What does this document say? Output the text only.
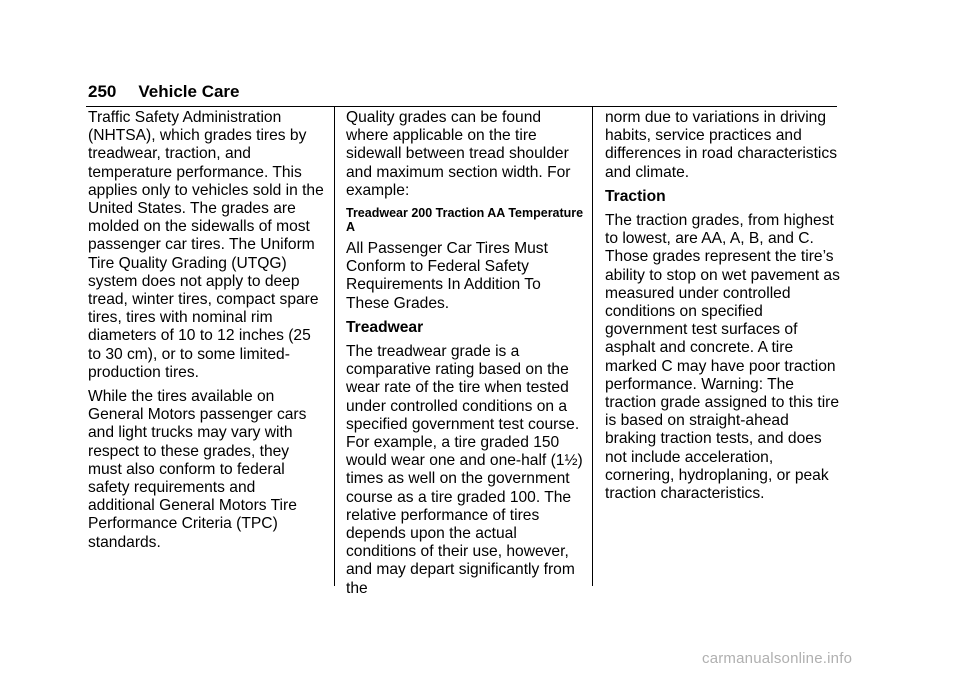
250 Vehicle Care

Traffic Safety Administration (NHTSA), which grades tires by treadwear, traction, and temperature performance. This applies only to vehicles sold in the United States. The grades are molded on the sidewalls of most passenger car tires. The Uniform Tire Quality Grading (UTQG) system does not apply to deep tread, winter tires, compact spare tires, tires with nominal rim diameters of 10 to 12 inches (25 to 30 cm), or to some limited-production tires.

While the tires available on General Motors passenger cars and light trucks may vary with respect to these grades, they must also conform to federal safety requirements and additional General Motors Tire Performance Criteria (TPC) standards.

Quality grades can be found where applicable on the tire sidewall between tread shoulder and maximum section width. For example:

Treadwear 200 Traction AA Temperature A

All Passenger Car Tires Must Conform to Federal Safety Requirements In Addition To These Grades.

Treadwear

The treadwear grade is a comparative rating based on the wear rate of the tire when tested under controlled conditions on a specified government test course. For example, a tire graded 150 would wear one and one-half (1½) times as well on the government course as a tire graded 100. The relative performance of tires depends upon the actual conditions of their use, however, and may depart significantly from the

norm due to variations in driving habits, service practices and differences in road characteristics and climate.

Traction

The traction grades, from highest to lowest, are AA, A, B, and C. Those grades represent the tire’s ability to stop on wet pavement as measured under controlled conditions on specified government test surfaces of asphalt and concrete. A tire marked C may have poor traction performance. Warning: The traction grade assigned to this tire is based on straight-ahead braking traction tests, and does not include acceleration, cornering, hydroplaning, or peak traction characteristics.

carmanualsonline.info
